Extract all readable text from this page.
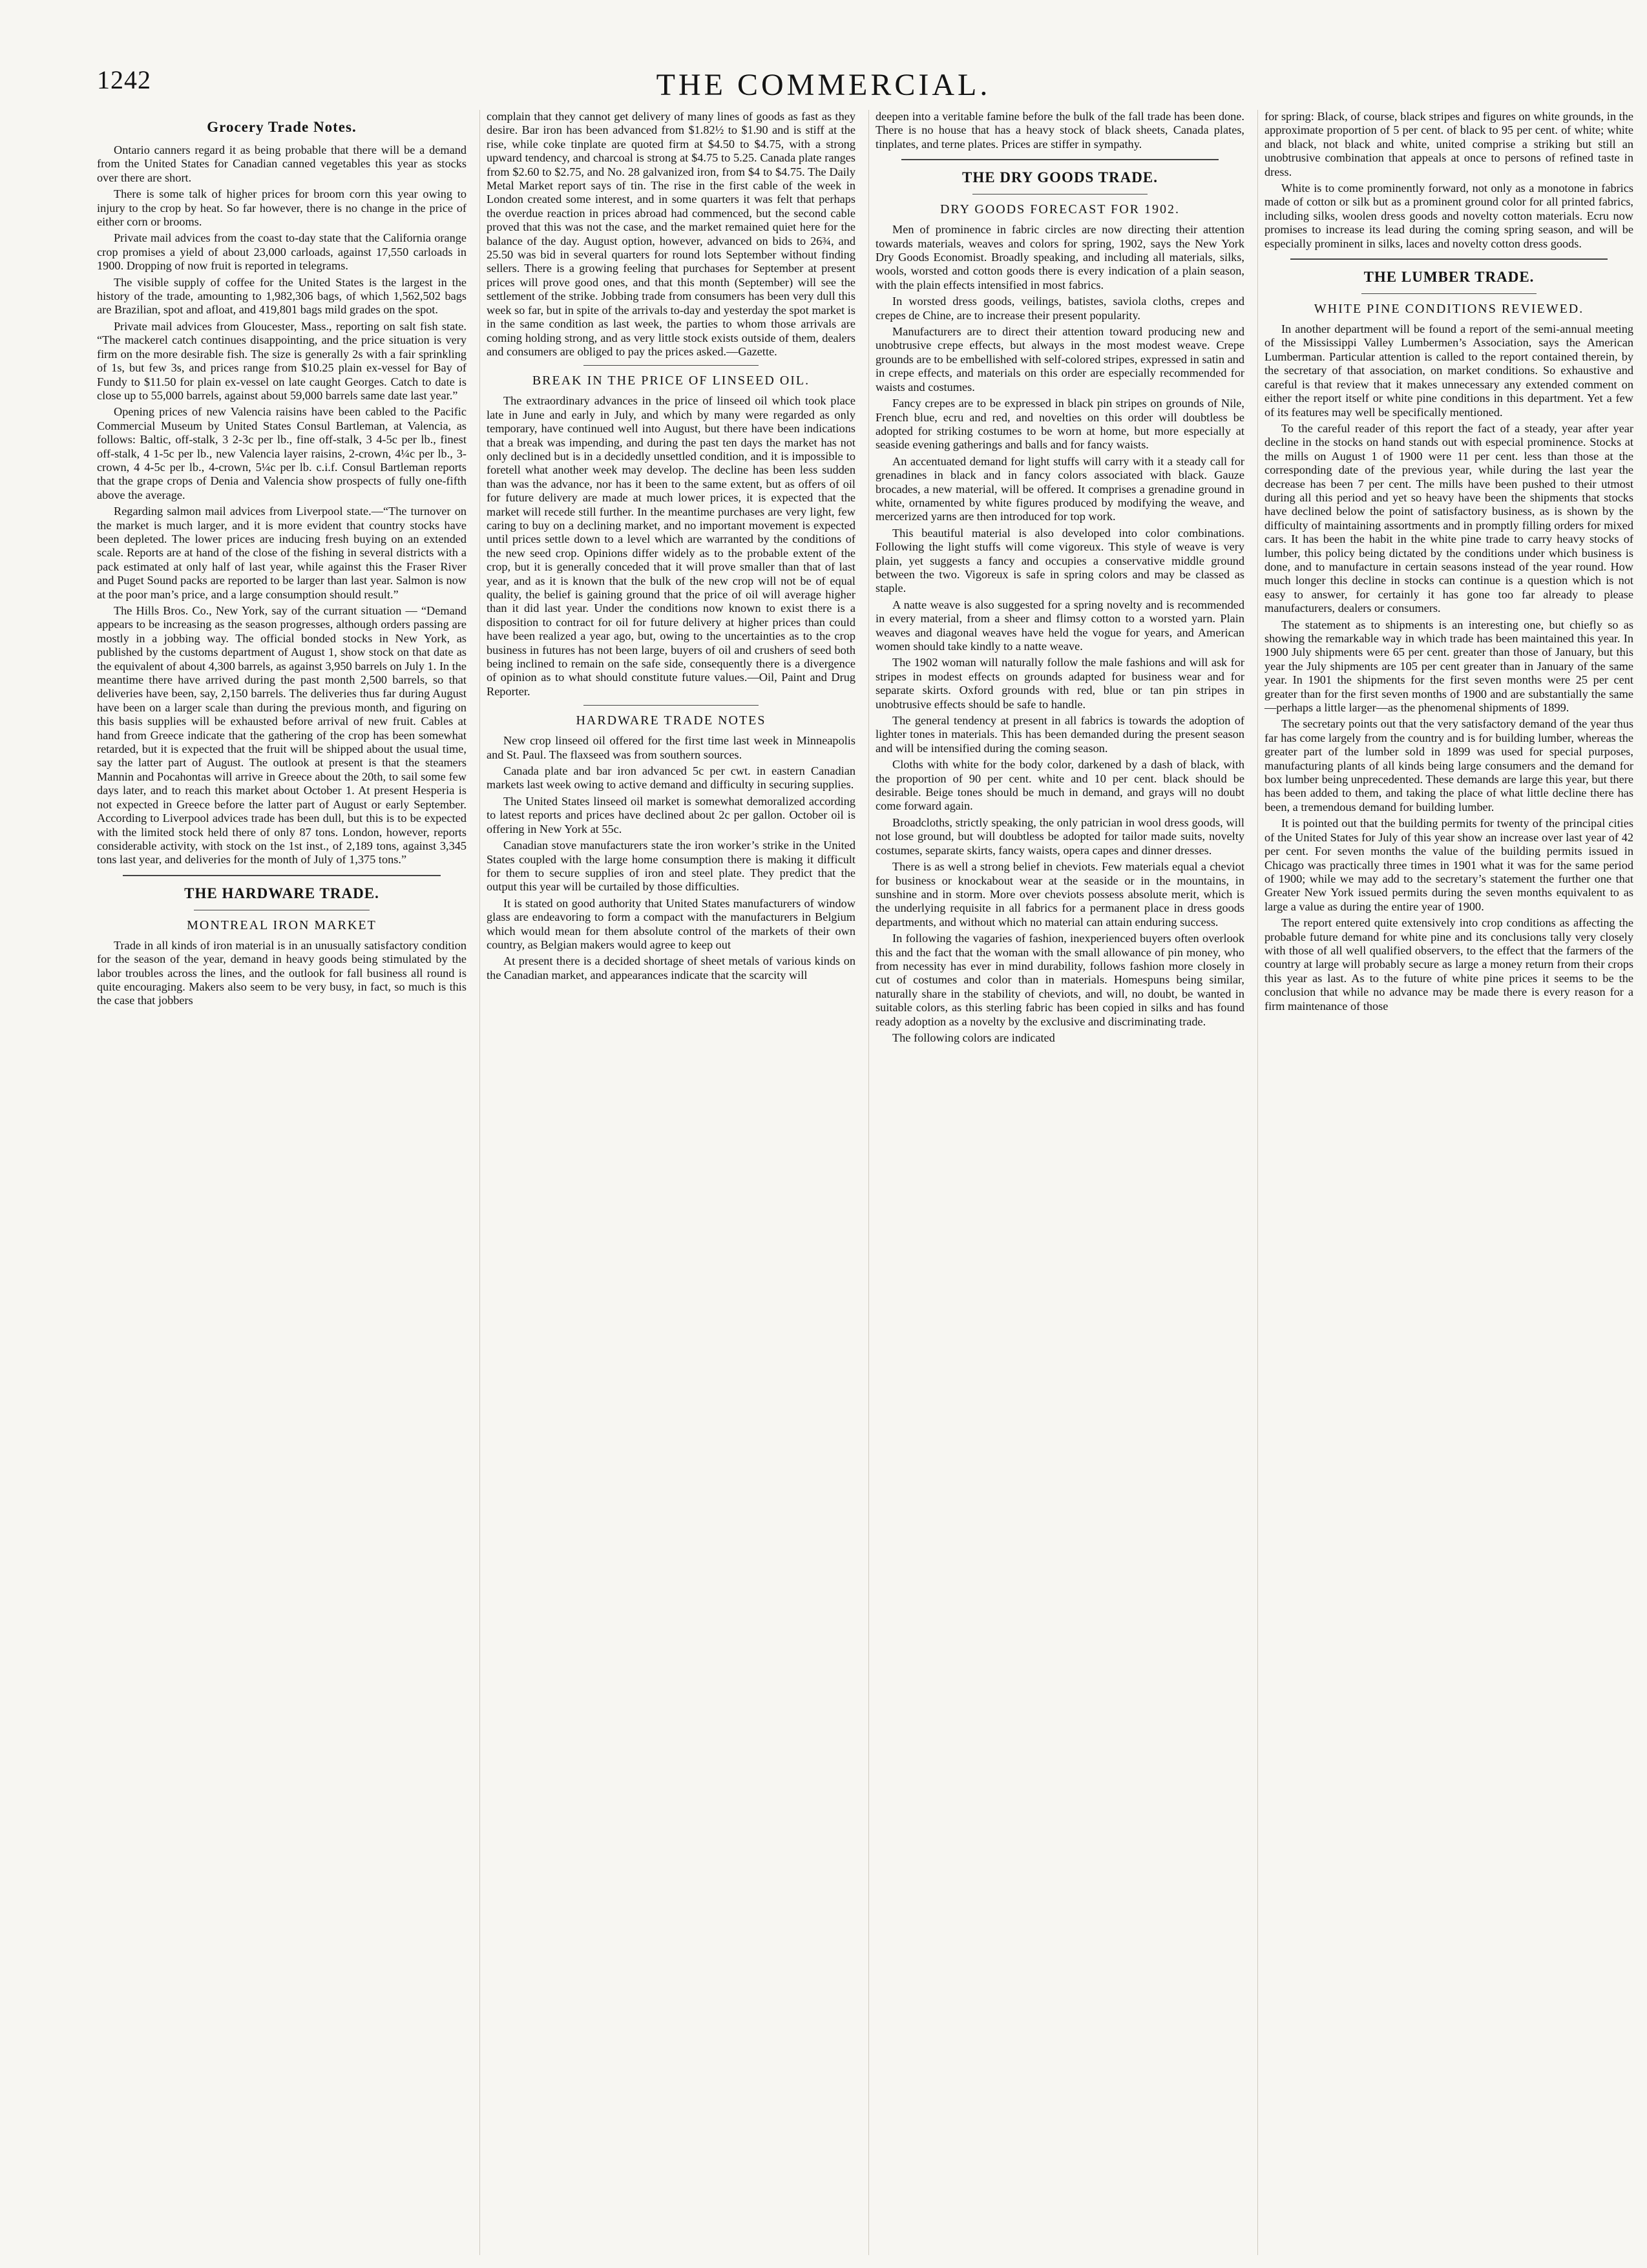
1242	THE COMMERCIAL.
Grocery Trade Notes.

Ontario canners regard it as being probable that there will be a demand from the United States for Canadian canned vegetables this year as stocks over there are short.

There is some talk of higher prices for broom corn this year owing to injury to the crop by heat. So far however, there is no change in the price of either corn or brooms.

Private mail advices from the coast to-day state that the California orange crop promises a yield of about 23,000 carloads, against 17,550 carloads in 1900. Dropping of now fruit is reported in telegrams.

The visible supply of coffee for the United States is the largest in the history of the trade, amounting to 1,982,306 bags, of which 1,562,502 bags are Brazilian, spot and afloat, and 419,801 bags mild grades on the spot.

Private mail advices from Gloucester, Mass., reporting on salt fish state. “The mackerel catch continues disappointing, and the price situation is very firm on the more desirable fish. The size is generally 2s with a fair sprinkling of 1s, but few 3s, and prices range from $10.25 plain ex-vessel for Bay of Fundy to $11.50 for plain ex-vessel on late caught Georges. Catch to date is close up to 55,000 barrels, against about 59,000 barrels same date last year.”

Opening prices of new Valencia raisins have been cabled to the Pacific Commercial Museum by United States Consul Bartleman, at Valencia, as follows: Baltic, off-stalk, 3 2-3c per lb., fine off-stalk, 3 4-5c per lb., finest off-stalk, 4 1-5c per lb., new Valencia layer raisins, 2-crown, 4¼c per lb., 3-crown, 4 4-5c per lb., 4-crown, 5¼c per lb. c.i.f. Consul Bartleman reports that the grape crops of Denia and Valencia show prospects of fully one-fifth above the average.

Regarding salmon mail advices from Liverpool state.—“The turnover on the market is much larger, and it is more evident that country stocks have been depleted. The lower prices are inducing fresh buying on an extended scale. Reports are at hand of the close of the fishing in several districts with a pack estimated at only half of last year, while against this the Fraser River and Puget Sound packs are reported to be larger than last year. Salmon is now at the poor man’s price, and a large consumption should result.”

The Hills Bros. Co., New York, say of the currant situation — “Demand appears to be increasing as the season progresses, although orders passing are mostly in a jobbing way. The official bonded stocks in New York, as published by the customs department of August 1, show stock on that date as the equivalent of about 4,300 barrels, as against 3,950 barrels on July 1. In the meantime there have arrived during the past month 2,500 barrels, so that deliveries have been, say, 2,150 barrels. The deliveries thus far during August have been on a larger scale than during the previous month, and figuring on this basis supplies will be exhausted before arrival of new fruit. Cables at hand from Greece indicate that the gathering of the crop has been somewhat retarded, but it is expected that the fruit will be shipped about the usual time, say the latter part of August. The outlook at present is that the steamers Mannin and Pocahontas will arrive in Greece about the 20th, to sail some few days later, and to reach this market about October 1. At present Hesperia is not expected in Greece before the latter part of August or early September. According to Liverpool advices trade has been dull, but this is to be expected with the limited stock held there of only 87 tons. London, however, reports considerable activity, with stock on the 1st inst., of 2,189 tons, against 3,345 tons last year, and deliveries for the month of July of 1,375 tons.”

THE HARDWARE TRADE.
MONTREAL IRON MARKET

Trade in all kinds of iron material is in an unusually satisfactory condition for the season of the year, demand in heavy goods being stimulated by the labor troubles across the lines, and the outlook for fall business all round is quite encouraging. Makers also seem to be very busy, in fact, so much is this the case that jobbers

complain that they cannot get delivery of many lines of goods as fast as they desire. Bar iron has been advanced from $1.82½ to $1.90 and is stiff at the rise, while coke tinplate are quoted firm at $4.50 to $4.75, with a strong upward tendency, and charcoal is strong at $4.75 to 5.25. Canada plate ranges from $2.60 to $2.75, and No. 28 galvanized iron, from $4 to $4.75. The Daily Metal Market report says of tin. The rise in the first cable of the week in London created some interest, and in some quarters it was felt that perhaps the overdue reaction in prices abroad had commenced, but the second cable proved that this was not the case, and the market remained quiet here for the balance of the day. August option, however, advanced on bids to 26¾, and 25.50 was bid in several quarters for round lots September without finding sellers. There is a growing feeling that purchases for September at present prices will prove good ones, and that this month (September) will see the settlement of the strike. Jobbing trade from consumers has been very dull this week so far, but in spite of the arrivals to-day and yesterday the spot market is in the same condition as last week, the parties to whom those arrivals are coming holding strong, and as very little stock exists outside of them, dealers and consumers are obliged to pay the prices asked.—Gazette.

BREAK IN THE PRICE OF LINSEED OIL.

The extraordinary advances in the price of linseed oil which took place late in June and early in July, and which by many were regarded as only temporary, have continued well into August, but there have been indications that a break was impending, and during the past ten days the market has not only declined but is in a decidedly unsettled condition, and it is impossible to foretell what another week may develop. The decline has been less sudden than was the advance, nor has it been to the same extent, but as offers of oil for future delivery are made at much lower prices, it is expected that the market will recede still further. In the meantime purchases are very light, few caring to buy on a declining market, and no important movement is expected until prices settle down to a level which are warranted by the conditions of the new seed crop. Opinions differ widely as to the probable extent of the crop, but it is generally conceded that it will prove smaller than that of last year, and as it is known that the bulk of the new crop will not be of equal quality, the belief is gaining ground that the price of oil will average higher than it did last year. Under the conditions now known to exist there is a disposition to contract for oil for future delivery at higher prices than could have been realized a year ago, but, owing to the uncertainties as to the crop business in futures has not been large, buyers of oil and crushers of seed both being inclined to remain on the safe side, consequently there is a divergence of opinion as to what should constitute future values.—Oil, Paint and Drug Reporter.

HARDWARE TRADE NOTES

New crop linseed oil offered for the first time last week in Minneapolis and St. Paul. The flaxseed was from southern sources.

Canada plate and bar iron advanced 5c per cwt. in eastern Canadian markets last week owing to active demand and difficulty in securing supplies.

The United States linseed oil market is somewhat demoralized according to latest reports and prices have declined about 2c per gallon. October oil is offering in New York at 55c.

Canadian stove manufacturers state the iron worker’s strike in the United States coupled with the large home consumption there is making it difficult for them to secure supplies of iron and steel plate. They predict that the output this year will be curtailed by those difficulties.

It is stated on good authority that United States manufacturers of window glass are endeavoring to form a compact with the manufacturers in Belgium which would mean for them absolute control of the markets of their own country, as Belgian makers would agree to keep out

At present there is a decided shortage of sheet metals of various kinds on the Canadian market, and appearances indicate that the scarcity will

deepen into a veritable famine before the bulk of the fall trade has been done. There is no house that has a heavy stock of black sheets, Canada plates, tinplates, and terne plates. Prices are stiffer in sympathy.

THE DRY GOODS TRADE.
DRY GOODS FORECAST FOR 1902.

Men of prominence in fabric circles are now directing their attention towards materials, weaves and colors for spring, 1902, says the New York Dry Goods Economist. Broadly speaking, and including all materials, silks, wools, worsted and cotton goods there is every indication of a plain season, with the plain effects intensified in most fabrics.

In worsted dress goods, veilings, batistes, saviola cloths, crepes and crepes de Chine, are to increase their present popularity.

Manufacturers are to direct their attention toward producing new and unobtrusive crepe effects, but always in the most modest weave. Crepe grounds are to be embellished with self-colored stripes, expressed in satin and in crepe effects, and materials on this order are especially recommended for waists and costumes.

Fancy crepes are to be expressed in black pin stripes on grounds of Nile, French blue, ecru and red, and novelties on this order will doubtless be adopted for striking costumes to be worn at home, but more especially at seaside evening gatherings and balls and for fancy waists.

An accentuated demand for light stuffs will carry with it a steady call for grenadines in black and in fancy colors associated with black. Gauze brocades, a new material, will be offered. It comprises a grenadine ground in white, ornamented by white figures produced by modifying the weave, and mercerized yarns are then introduced for top work.

This beautiful material is also developed into color combinations. Following the light stuffs will come vigoreux. This style of weave is very plain, yet suggests a fancy and occupies a conservative middle ground between the two. Vigoreux is safe in spring colors and may be classed as staple.

A natte weave is also suggested for a spring novelty and is recommended in every material, from a sheer and flimsy cotton to a worsted yarn. Plain weaves and diagonal weaves have held the vogue for years, and American women should take kindly to a natte weave.

The 1902 woman will naturally follow the male fashions and will ask for stripes in modest effects on grounds adapted for business wear and for separate skirts. Oxford grounds with red, blue or tan pin stripes in unobtrusive effects should be safe to handle.

The general tendency at present in all fabrics is towards the adoption of lighter tones in materials. This has been demanded during the present season and will be intensified during the coming season.

Cloths with white for the body color, darkened by a dash of black, with the proportion of 90 per cent. white and 10 per cent. black should be desirable. Beige tones should be much in demand, and grays will no doubt come forward again.

Broadcloths, strictly speaking, the only patrician in wool dress goods, will not lose ground, but will doubtless be adopted for tailor made suits, novelty costumes, separate skirts, fancy waists, opera capes and dinner dresses.

There is as well a strong belief in cheviots. Few materials equal a cheviot for business or knockabout wear at the seaside or in the mountains, in sunshine and in storm. More over cheviots possess absolute merit, which is the underlying requisite in all fabrics for a permanent place in dress goods departments, and without which no material can attain enduring success.

In following the vagaries of fashion, inexperienced buyers often overlook this and the fact that the woman with the small allowance of pin money, who from necessity has ever in mind durability, follows fashion more closely in cut of costumes and color than in materials. Homespuns being similar, naturally share in the stability of cheviots, and will, no doubt, be wanted in suitable colors, as this sterling fabric has been copied in silks and has found ready adoption as a novelty by the exclusive and discriminating trade.

The following colors are indicated

for spring: Black, of course, black stripes and figures on white grounds, in the approximate proportion of 5 per cent. of black to 95 per cent. of white; white and black, not black and white, united comprise a striking but still an unobtrusive combination that appeals at once to persons of refined taste in dress.

White is to come prominently forward, not only as a monotone in fabrics made of cotton or silk but as a prominent ground color for all printed fabrics, including silks, woolen dress goods and novelty cotton materials. Ecru now promises to increase its lead during the coming spring season, and will be especially prominent in silks, laces and novelty cotton dress goods.

THE LUMBER TRADE.
WHITE PINE CONDITIONS REVIEWED.

In another department will be found a report of the semi-annual meeting of the Mississippi Valley Lumbermen’s Association, says the American Lumberman. Particular attention is called to the report contained therein, by the secretary of that association, on market conditions. So exhaustive and careful is that review that it makes unnecessary any extended comment on either the report itself or white pine conditions in this department. Yet a few of its features may well be specifically mentioned.

To the careful reader of this report the fact of a steady, year after year decline in the stocks on hand stands out with especial prominence. Stocks at the mills on August 1 of 1900 were 11 per cent. less than those at the corresponding date of the previous year, while during the last year the decrease has been 7 per cent. The mills have been pushed to their utmost during all this period and yet so heavy have been the shipments that stocks have declined below the point of satisfactory business, as is shown by the difficulty of maintaining assortments and in promptly filling orders for mixed cars. It has been the habit in the white pine trade to carry heavy stocks of lumber, this policy being dictated by the conditions under which business is done, and to manufacture in certain seasons instead of the year round. How much longer this decline in stocks can continue is a question which is not easy to answer, for certainly it has gone too far already to please manufacturers, dealers or consumers.

The statement as to shipments is an interesting one, but chiefly so as showing the remarkable way in which trade has been maintained this year. In 1900 July shipments were 65 per cent. greater than those of January, but this year the July shipments are 105 per cent greater than in January of the same year. In 1901 the shipments for the first seven months were 25 per cent greater than for the first seven months of 1900 and are substantially the same—perhaps a little larger—as the phenomenal shipments of 1899.

The secretary points out that the very satisfactory demand of the year thus far has come largely from the country and is for building lumber, whereas the greater part of the lumber sold in 1899 was used for special purposes, manufacturing plants of all kinds being large consumers and the demand for box lumber being unprecedented. These demands are large this year, but there has been added to them, and taking the place of what little decline there has been, a tremendous demand for building lumber.

It is pointed out that the building permits for twenty of the principal cities of the United States for July of this year show an increase over last year of 42 per cent. For seven months the value of the building permits issued in Chicago was practically three times in 1901 what it was for the same period of 1900; while we may add to the secretary’s statement the further one that Greater New York issued permits during the seven months equivalent to as large a value as during the entire year of 1900.

The report entered quite extensively into crop conditions as affecting the probable future demand for white pine and its conclusions tally very closely with those of all well qualified observers, to the effect that the farmers of the country at large will probably secure as large a money return from their crops this year as last. As to the future of white pine prices it seems to be the conclusion that while no advance may be made there is every reason for a firm maintenance of those
